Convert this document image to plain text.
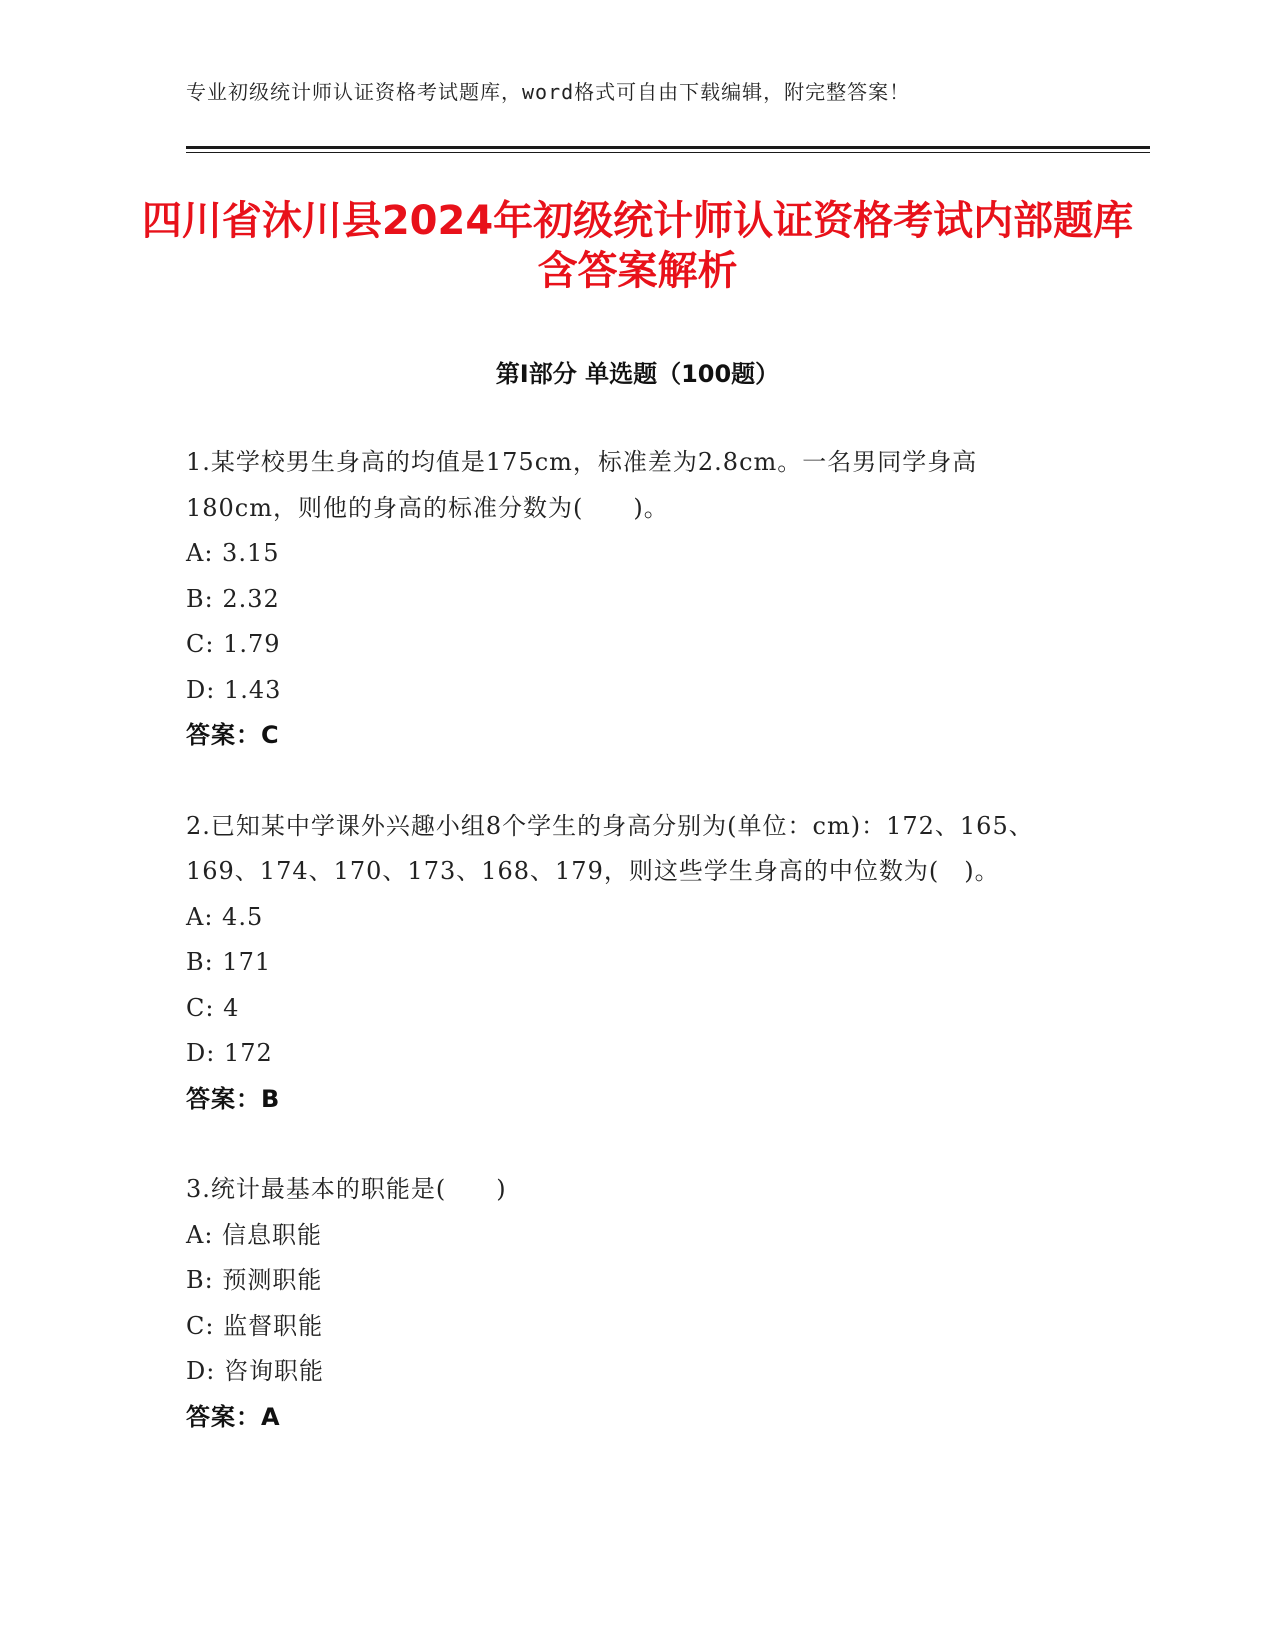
专业初级统计师认证资格考试题库，word格式可自由下载编辑，附完整答案！
四川省沐川县2024年初级统计师认证资格考试内部题库含答案解析
第Ⅰ部分 单选题（100题）
1.某学校男生身高的均值是175cm，标准差为2.8cm。一名男同学身高180cm，则他的身高的标准分数为(　　)。
A: 3.15
B: 2.32
C: 1.79
D: 1.43
答案：C
2.已知某中学课外兴趣小组8个学生的身高分别为(单位：cm)：172、165、169、174、170、173、168、179，则这些学生身高的中位数为(　)。
A: 4.5
B: 171
C: 4
D: 172
答案：B
3.统计最基本的职能是(　　)
A: 信息职能
B: 预测职能
C: 监督职能
D: 咨询职能
答案：A
